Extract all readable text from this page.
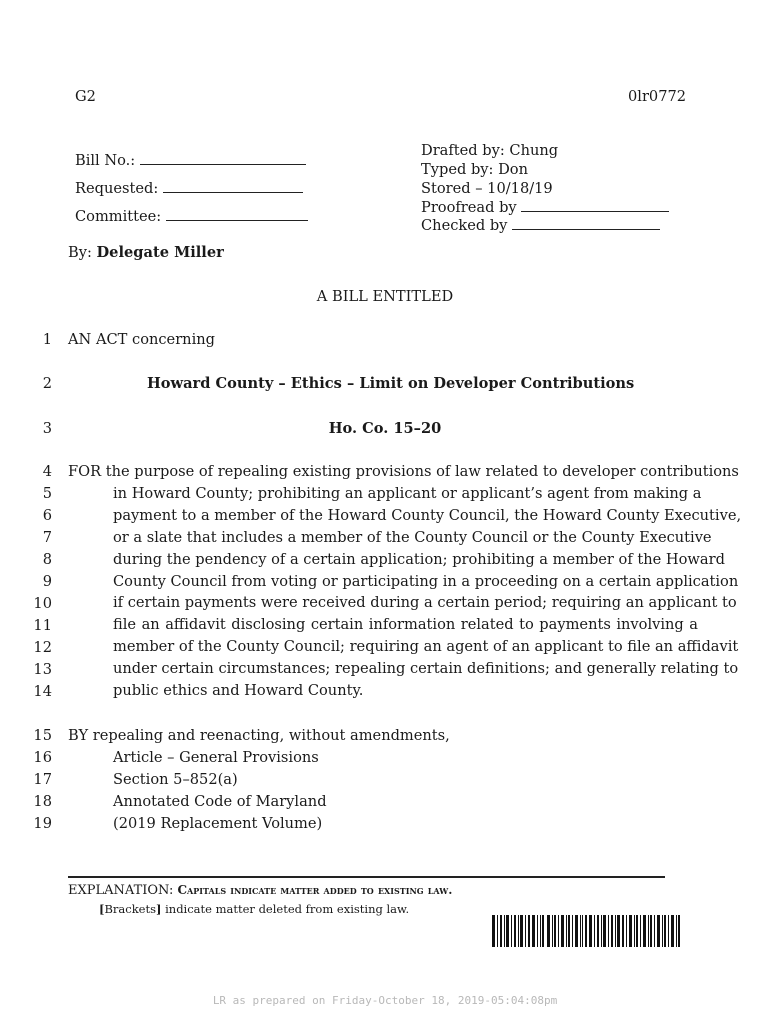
G2	0lr0772
Bill No.:
Requested:
Committee:
Drafted by: Chung
Typed by: Don
Stored – 10/18/19
Proofread by
Checked by
By: Delegate Miller
A BILL ENTITLED
1
2
3
4
5
6
7
8
9
10
11
12
13
14
15
16
17
18
19
AN ACT concerning
Howard County – Ethics – Limit on Developer Contributions
Ho. Co. 15–20
FOR the purpose of repealing existing provisions of law related to developer contributions
in Howard County; prohibiting an applicant or applicant’s agent from making a
payment to a member of the Howard County Council, the Howard County Executive,
or a slate that includes a member of the County Council or the County Executive
during the pendency of a certain application; prohibiting a member of the Howard
County Council from voting or participating in a proceeding on a certain application
if certain payments were received during a certain period; requiring an applicant to
file an affidavit disclosing certain information related to payments involving a
member of the County Council; requiring an agent of an applicant to file an affidavit
under certain circumstances; repealing certain definitions; and generally relating to
public ethics and Howard County.
BY repealing and reenacting, without amendments,
Article – General Provisions
Section 5–852(a)
Annotated Code of Maryland
(2019 Replacement Volume)
EXPLANATION: Capitals indicate matter added to existing law.
[Brackets] indicate matter deleted from existing law.
LR as prepared on Friday-October 18, 2019-05:04:08pm
